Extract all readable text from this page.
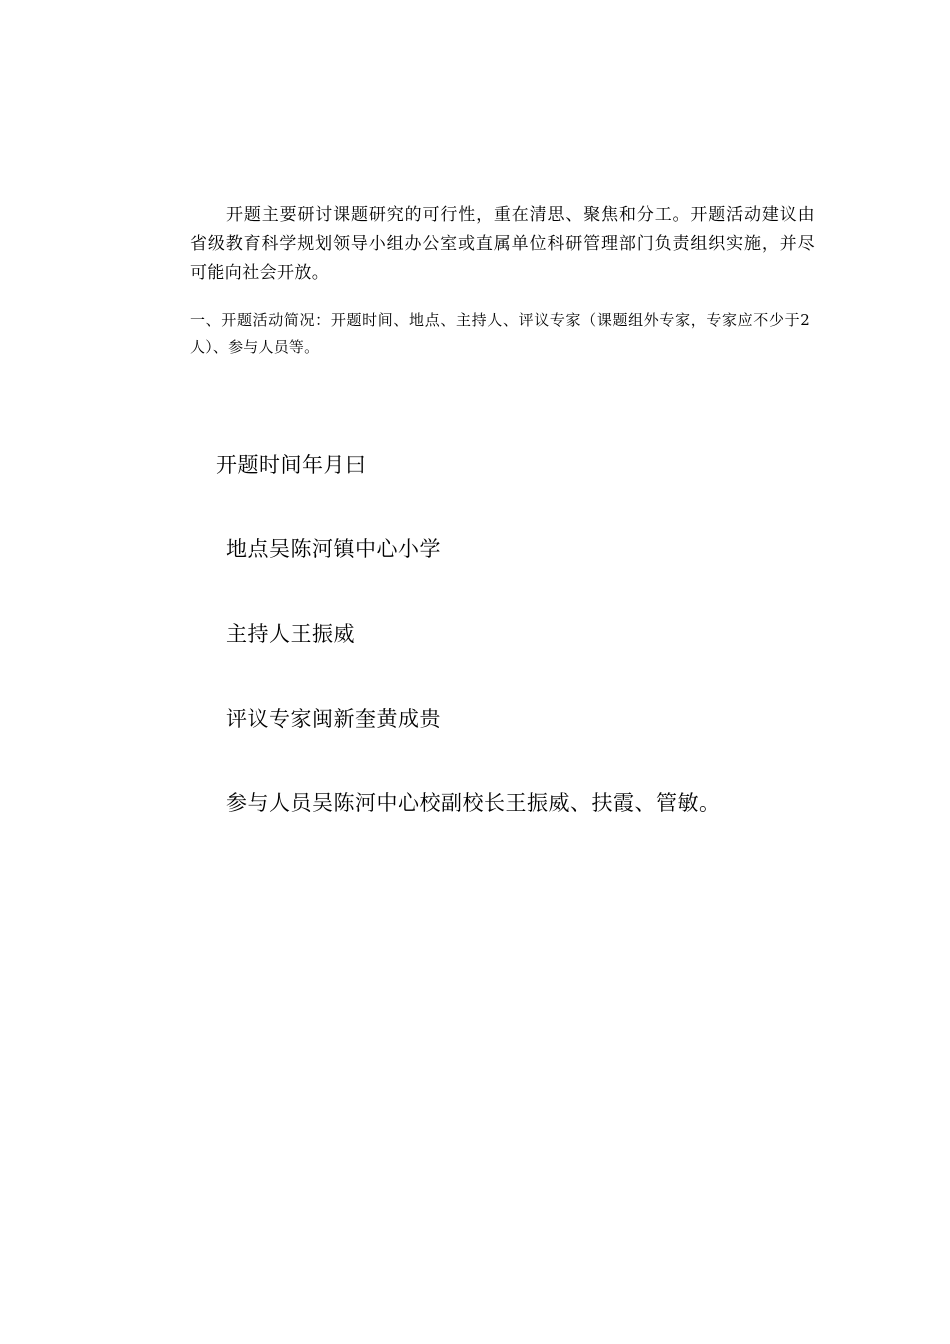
开题主要研讨课题研究的可行性，重在清思、聚焦和分工。开题活动建议由省级教育科学规划领导小组办公室或直属单位科研管理部门负责组织实施，并尽可能向社会开放。

一、开题活动简况：开题时间、地点、主持人、评议专家（课题组外专家，专家应不少于2人）、参与人员等。

开题时间年月曰

地点吴陈河镇中心小学

主持人王振威

评议专家闽新奎黄成贵

参与人员吴陈河中心校副校长王振威、扶霞、管敏。
